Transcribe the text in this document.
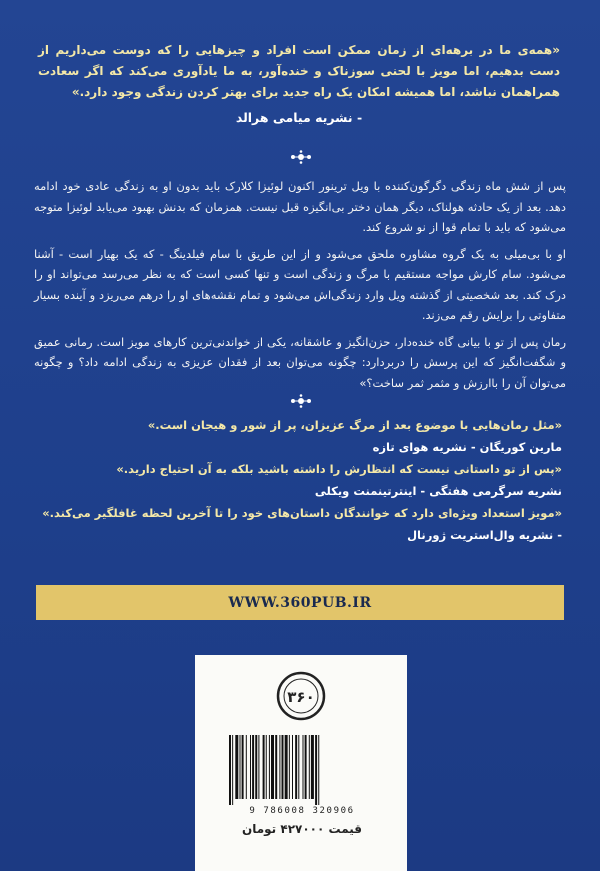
«همه‌ی ما در برهه‌ای از زمان ممکن است افراد و چیزهایی را که دوست می‌داریم از دست بدهیم، اما مویز با لحنی سوزناک و خنده‌آور، به ما یادآوری می‌کند که اگر سعادت همراهمان نباشد، اما همیشه امکان یک راه جدید برای بهتر کردن زندگی وجود دارد.»
- نشریه میامی هرالد

پس از شش ماه زندگی دگرگون‌کننده با ویل ترینور اکنون لوئیزا کلارک باید بدون او به زندگی عادی خود ادامه دهد. بعد از یک حادثه هولناک، دیگر همان دختر بی‌انگیزه قبل نیست. همزمان که بدنش بهبود می‌یابد لوئیزا متوجه می‌شود که باید با تمام قوا از نو شروع کند.

او با بی‌میلی به یک گروه مشاوره ملحق می‌شود و از این طریق با سام فیلدینگ - که یک بهیار است - آشنا می‌شود. سام کارش مواجه مستقیم با مرگ و زندگی است و تنها کسی است که به نظر می‌رسد می‌تواند او را درک کند. بعد شخصیتی از گذشته ویل وارد زندگی‌اش می‌شود و تمام نقشه‌های او را درهم می‌ریزد و آینده بسیار متفاوتی را برایش رقم می‌زند.

رمان پس از تو با بیانی گاه خنده‌دار، حزن‌انگیز و عاشقانه، یکی از خواندنی‌ترین کارهای مویز است. رمانی عمیق و شگفت‌انگیز که این پرسش را دربردارد: چگونه می‌توان بعد از فقدان عزیزی به زندگی ادامه داد؟ و چگونه می‌توان آن را باارزش و مثمر ثمر ساخت؟»

«مثل رمان‌هایی با موضوع بعد از مرگ عزیزان، پر از شور و هیجان است.»
مارین کوریگان - نشریه هوای تازه
«پس از تو داستانی نیست که انتظارش را داشته باشید بلکه به آن احتیاج دارید.»
نشریه سرگرمی هفتگی - اینترتینمنت ویکلی
«مویز استعداد ویژه‌ای دارد که خوانندگان داستان‌های خود را تا آخرین لحظه غافلگیر می‌کند.»
- نشریه وال‌استریت ژورنال
WWW.360PUB.IR
۳۶۰
9 786008 320906
قیمت ۴۲۷۰۰۰ تومان
